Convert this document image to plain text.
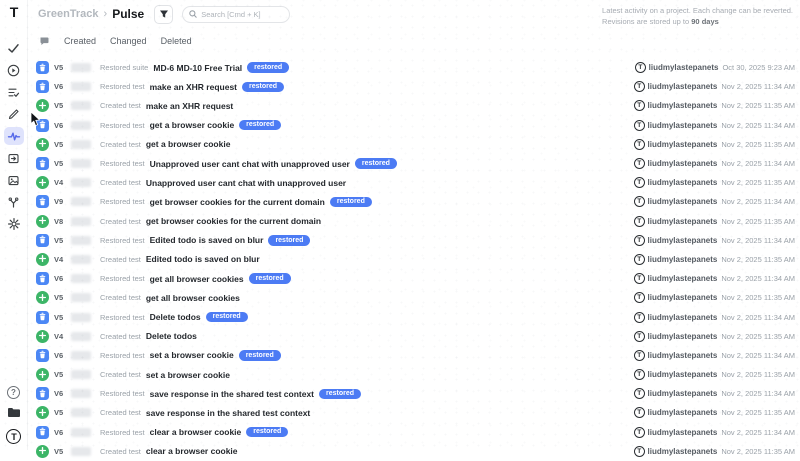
T
?
T
GreenTrack › Pulse
Search [Cmd + K]	Latest activity on a project. Each change can be reverted.
Revisions are stored up to 90 days
Created Changed Deleted
V5	Restored suite MD-6 MD-10 Free Trial	restored	T liudmylastepanets Oct 30, 2025 9:23 AM
V6	Restored test make an XHR request	restored	T liudmylastepanets Nov 2, 2025 11:34 AM
V5	Created test make an XHR request	T liudmylastepanets Nov 2, 2025 11:35 AM
V6	Restored test get a browser cookie	restored	T liudmylastepanets Nov 2, 2025 11:34 AM
V5	Created test get a browser cookie	T liudmylastepanets Nov 2, 2025 11:35 AM
V5	Restored test Unapproved user cant chat with unapproved user	restored	T liudmylastepanets Nov 2, 2025 11:34 AM
V4	Created test Unapproved user cant chat with unapproved user	T liudmylastepanets Nov 2, 2025 11:35 AM
V9	Restored test get browser cookies for the current domain	restored	T liudmylastepanets Nov 2, 2025 11:34 AM
V8	Created test get browser cookies for the current domain	T liudmylastepanets Nov 2, 2025 11:35 AM
V5	Restored test Edited todo is saved on blur	restored	T liudmylastepanets Nov 2, 2025 11:34 AM
V4	Created test Edited todo is saved on blur	T liudmylastepanets Nov 2, 2025 11:35 AM
V6	Restored test get all browser cookies	restored	T liudmylastepanets Nov 2, 2025 11:34 AM
V5	Created test get all browser cookies	T liudmylastepanets Nov 2, 2025 11:35 AM
V5	Restored test Delete todos	restored	T liudmylastepanets Nov 2, 2025 11:34 AM
V4	Created test Delete todos	T liudmylastepanets Nov 2, 2025 11:35 AM
V6	Restored test set a browser cookie	restored	T liudmylastepanets Nov 2, 2025 11:34 AM
V5	Created test set a browser cookie	T liudmylastepanets Nov 2, 2025 11:35 AM
V6	Restored test save response in the shared test context	restored	T liudmylastepanets Nov 2, 2025 11:34 AM
V5	Created test save response in the shared test context	T liudmylastepanets Nov 2, 2025 11:35 AM
V6	Restored test clear a browser cookie	restored	T liudmylastepanets Nov 2, 2025 11:34 AM
V5	Created test clear a browser cookie	T liudmylastepanets Nov 2, 2025 11:35 AM
